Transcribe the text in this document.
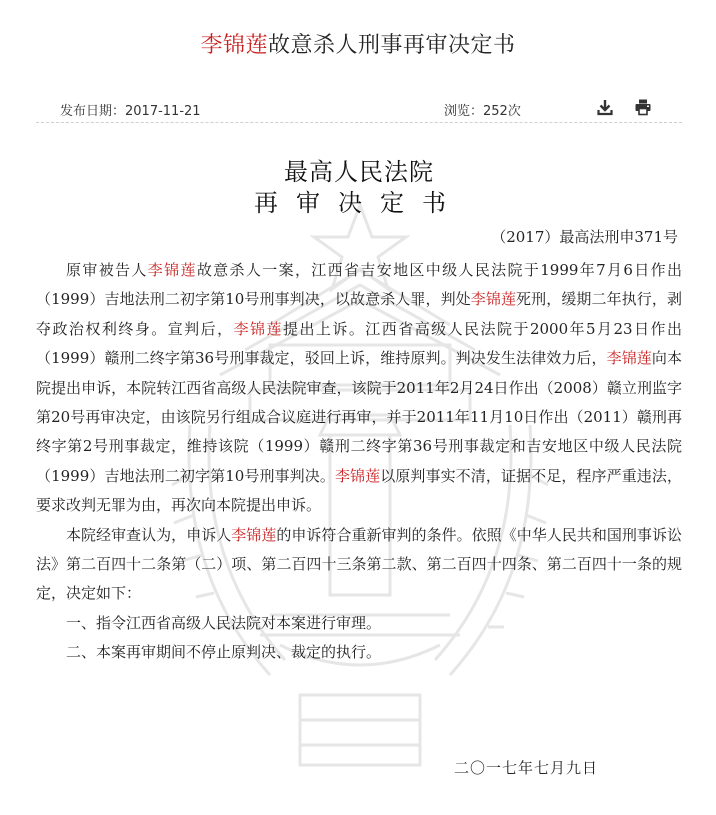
李锦莲故意杀人刑事再审决定书
发布日期：2017-11-21	浏览：252次
最高人民法院
再审决定书
（2017）最高法刑申371号

原审被告人李锦莲故意杀人一案，江西省吉安地区中级人民法院于1999年7月6日作出（1999）吉地法刑二初字第10号刑事判决，以故意杀人罪，判处李锦莲死刑，缓期二年执行，剥夺政治权利终身。宣判后，李锦莲提出上诉。江西省高级人民法院于2000年5月23日作出（1999）赣刑二终字第36号刑事裁定，驳回上诉，维持原判。判决发生法律效力后，李锦莲向本院提出申诉，本院转江西省高级人民法院审查，该院于2011年2月24日作出（2008）赣立刑监字第20号再审决定，由该院另行组成合议庭进行再审，并于2011年11月10日作出（2011）赣刑再终字第2号刑事裁定，维持该院（1999）赣刑二终字第36号刑事裁定和吉安地区中级人民法院（1999）吉地法刑二初字第10号刑事判决。李锦莲以原判事实不清，证据不足，程序严重违法，要求改判无罪为由，再次向本院提出申诉。

本院经审查认为，申诉人李锦莲的申诉符合重新审判的条件。依照《中华人民共和国刑事诉讼法》第二百四十二条第（二）项、第二百四十三条第二款、第二百四十四条、第二百四十一条的规定，决定如下：

一、指令江西省高级人民法院对本案进行审理。

二、本案再审期间不停止原判决、裁定的执行。

二〇一七年七月九日
